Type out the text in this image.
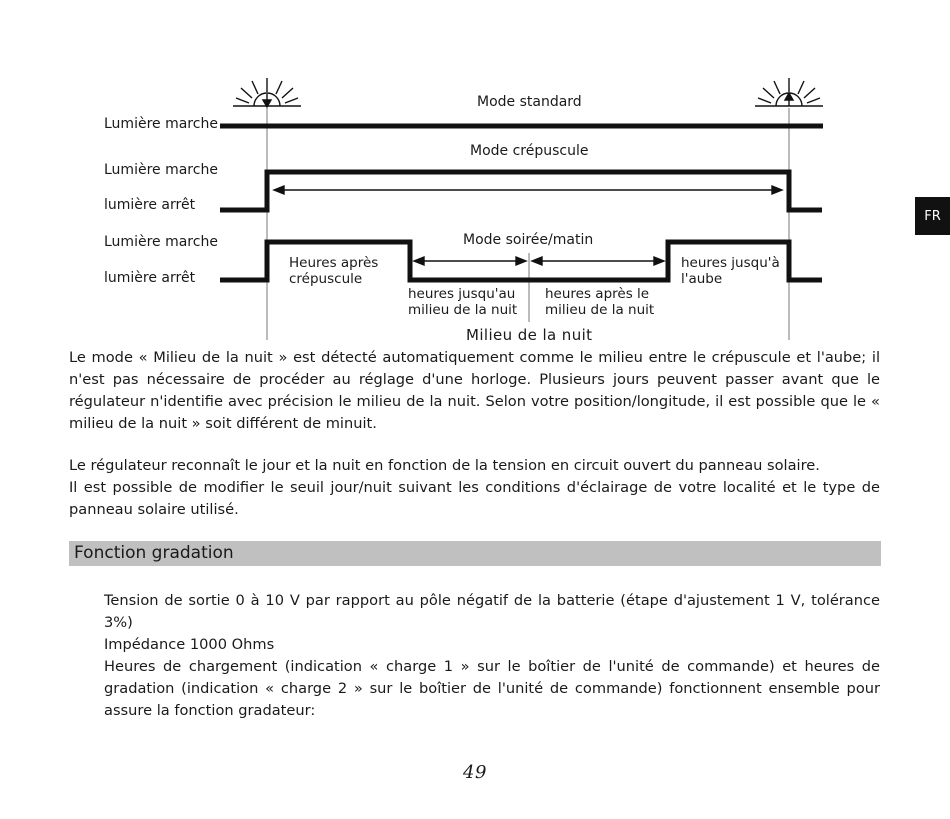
Lumière marche
Mode standard
Lumière marche
lumière arrêt
Mode crépuscule
Lumière marche
lumière arrêt
Mode soirée/matin
Heures après
crépuscule
heures jusqu'au
milieu de la nuit
heures après le
milieu de la nuit
heures jusqu'à
l'aube
Milieu de la nuit

Le mode « Milieu de la nuit » est détecté automatiquement comme le milieu entre le crépuscule et l'aube; il n'est pas nécessaire de procéder au réglage d'une horloge. Plusieurs jours peuvent passer avant que le régulateur n'identifie avec précision le milieu de la nuit. Selon votre position/longitude, il est possible que le « milieu de la nuit » soit différent de minuit.

Le régulateur reconnaît le jour et la nuit en fonction de la tension en circuit ouvert du panneau solaire.

Il est possible de modifier le seuil jour/nuit suivant les conditions d'éclairage de votre localité et le type de panneau solaire utilisé.

Fonction gradation

Tension de sortie 0 à 10 V par rapport au pôle négatif de la batterie (étape d'ajustement 1 V, tolérance 3%)

Impédance 1000 Ohms

Heures de chargement (indication « charge 1 » sur le boîtier de l'unité de commande) et heures de gradation (indication « charge 2 » sur le boîtier de l'unité de commande) fonctionnent ensemble pour assure la fonction gradateur:

FR
49
